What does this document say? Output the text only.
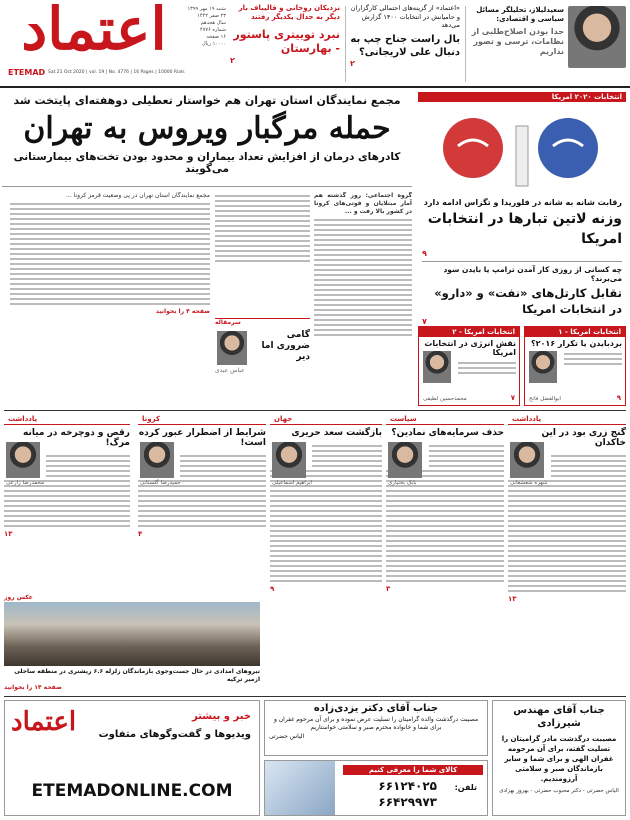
سعیدلیلاز، تحلیلگر مسائل سیاسی و اقتصادی:
جدا بودن اصلاح‌طلبی از نظامات، ترسی و تصور نداریم
«اعتماد» از گزینه‌های احتمالی کارگزاران و حامیانش در انتخابات ۱۴۰۰ گزارش می‌دهد
بال راست جناح چپ به دنبال علی لاریجانی؟
۲
نزدیکان روحانی و قالیباف بار دیگر به جدال یکدیگر رفتند
نبرد توییتری پاستور - بهارستان
۲
شنبه ۱۹ مهر ۱۳۹۹
۲۳ صفر ۱۴۴۲
سال هجدهم
شماره ۴۷۷۶
۱۶ صفحه
۱۰۰۰۰ ریال
اعتماد
ETEMAD Sat 21 Oct 2020 | vol. 19 | No. 4776 | 16 Pages | 10000 Rials
مجمع نمایندگان استان تهران هم خواستار تعطیلی دوهفته‌ای پایتخت شد
حمله مرگبار ویروس به تهران
کادرهای درمان از افزایش تعداد بیماران و محدود بودن تخت‌های بیمارستانی می‌گویند
گروه اجتماعی: روز گذشته هم آمار مبتلایان و فوتی‌های کرونا در کشور بالا رفت و ...
مجمع نمایندگان استان تهران در پی وضعیت قرمز کرونا ...
صفحه ۴ را بخوانید
سرمقاله
گامی ضروری اما دیر
عباس عبدی
انتخابات ۲۰۲۰ امریکا
رقابت شانه به شانه در فلوریدا و تگزاس ادامه دارد
وزنه لاتین تبارها در انتخابات امریکا
۹
چه کسانی از روزی کار آمدن ترامپ یا بایدن سود می‌برند؟
تقابل کارتل‌های «نفت» و «دارو» در انتخابات امریکا
۷
انتخابات امریکا - ۱
بردبایدن یا تکرار ۲۰۱۶؟
ابوالفضل فاتح	۹
انتخابات امریکا - ۲
نقش انرژی در انتخابات امریکا
محمدحسین لطیفی	۷
یادداشت
گنج زری بود در این خاکدان
شهره شعشعانی
۱۳
سیاست
حذف سرمایه‌های نمادین؟
بابک بختیاری
۳
جهان
بازگشت سعد حریری
ابراهیم اسماعیلی
۹
کرونا
شرایط از اضطرار عبور کرده است!
حمیدرضا گلستانی
۴
یادداشت
رقص و دوچرخه در میانه مرگ!
محمدرضا زارعی
۱۳
عکس روز
نیروهای امدادی در حال جست‌وجوی بازماندگان زلزله ۶.۶ ریشتری در منطقه ساحلی ازمیر ترکیه
صفحه ۱۴ را بخوانید
اعتماد	خبر و بیشتر
ویدیوها و گفت‌وگوهای متفاوت
ETEMADONLINE.COM
جناب آقای دکتر یزدی‌زاده
مصیبت درگذشت والده گرامیتان را تسلیت عرض نموده و برای آن مرحوم غفران و برای شما و خانواده محترم صبر و سلامتی خواستاریم
الیاس حضرتی
کالای شما را معرفی کنیم
تلفن:
۶۶۱۲۴۰۲۵
۶۶۴۲۹۹۷۳
جناب آقای مهندس شیرزادی
مصیبت درگذشت مادر گرامیتان را تسلیت گفته، برای آن مرحومه غفران الهی و برای شما و سایر بازماندگان صبر و سلامتی آرزومندیم.
الیاس حضرتی - دکتر محبوب حضرتی - بهروز بهزادی
